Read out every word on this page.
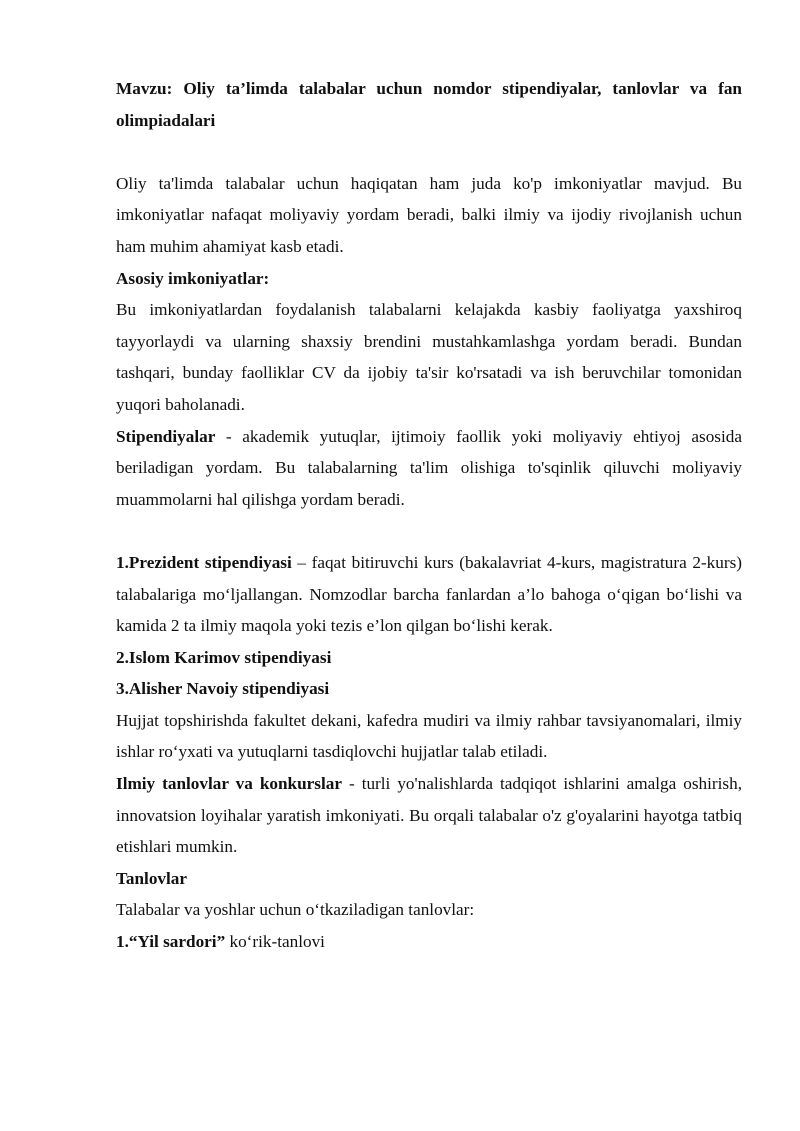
Mavzu: Oliy ta’limda talabalar uchun nomdor stipendiyalar, tanlovlar va fan olimpiadalari

Oliy ta'limda talabalar uchun haqiqatan ham juda ko'p imkoniyatlar mavjud. Bu imkoniyatlar nafaqat moliyaviy yordam beradi, balki ilmiy va ijodiy rivojlanish uchun ham muhim ahamiyat kasb etadi.

Asosiy imkoniyatlar:

Bu imkoniyatlardan foydalanish talabalarni kelajakda kasbiy faoliyatga yaxshiroq tayyorlaydi va ularning shaxsiy brendini mustahkamlashga yordam beradi. Bundan tashqari, bunday faolliklar CV da ijobiy ta'sir ko'rsatadi va ish beruvchilar tomonidan yuqori baholanadi.

Stipendiyalar - akademik yutuqlar, ijtimoiy faollik yoki moliyaviy ehtiyoj asosida beriladigan yordam. Bu talabalarning ta'lim olishiga to'sqinlik qiluvchi moliyaviy muammolarni hal qilishga yordam beradi.

1.Prezident stipendiyasi – faqat bitiruvchi kurs (bakalavriat 4-kurs, magistratura 2-kurs) talabalariga mo‘ljallangan. Nomzodlar barcha fanlardan a’lo bahoga o‘qigan bo‘lishi va kamida 2 ta ilmiy maqola yoki tezis e’lon qilgan bo‘lishi kerak.

2.Islom Karimov stipendiyasi

3.Alisher Navoiy stipendiyasi

Hujjat topshirishda fakultet dekani, kafedra mudiri va ilmiy rahbar tavsiyanomalari, ilmiy ishlar ro‘yxati va yutuqlarni tasdiqlovchi hujjatlar talab etiladi.

Ilmiy tanlovlar va konkurslar - turli yo'nalishlarda tadqiqot ishlarini amalga oshirish, innovatsion loyihalar yaratish imkoniyati. Bu orqali talabalar o'z g'oyalarini hayotga tatbiq etishlari mumkin.

Tanlovlar

Talabalar va yoshlar uchun o‘tkaziladigan tanlovlar:

1.“Yil sardori” ko‘rik-tanlovi
